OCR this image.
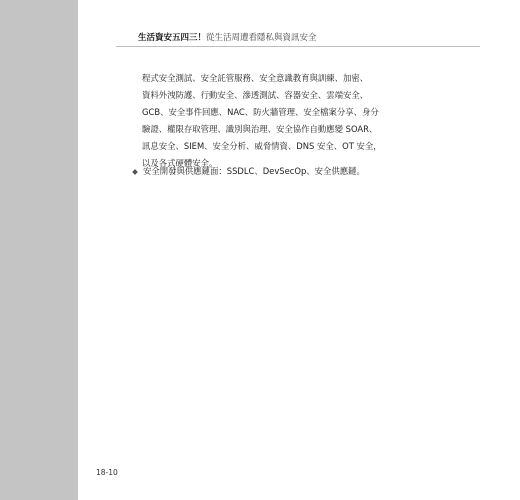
生活資安五四三！從生活周遭看隱私與資訊安全
程式安全測試、安全託管服務、安全意識教育與訓練、加密、
資料外洩防護、行動安全、滲透測試、容器安全、雲端安全、
GCB、安全事件回應、NAC、防火牆管理、安全檔案分享、身分
驗證、權限存取管理、識別與治理、安全協作自動應變 SOAR、
訊息安全、SIEM、安全分析、威脅情資、DNS 安全、OT 安全，
以及各式硬體安全。
安全開發與供應鏈面：SSDLC、DevSecOp、安全供應鏈。
18-10
